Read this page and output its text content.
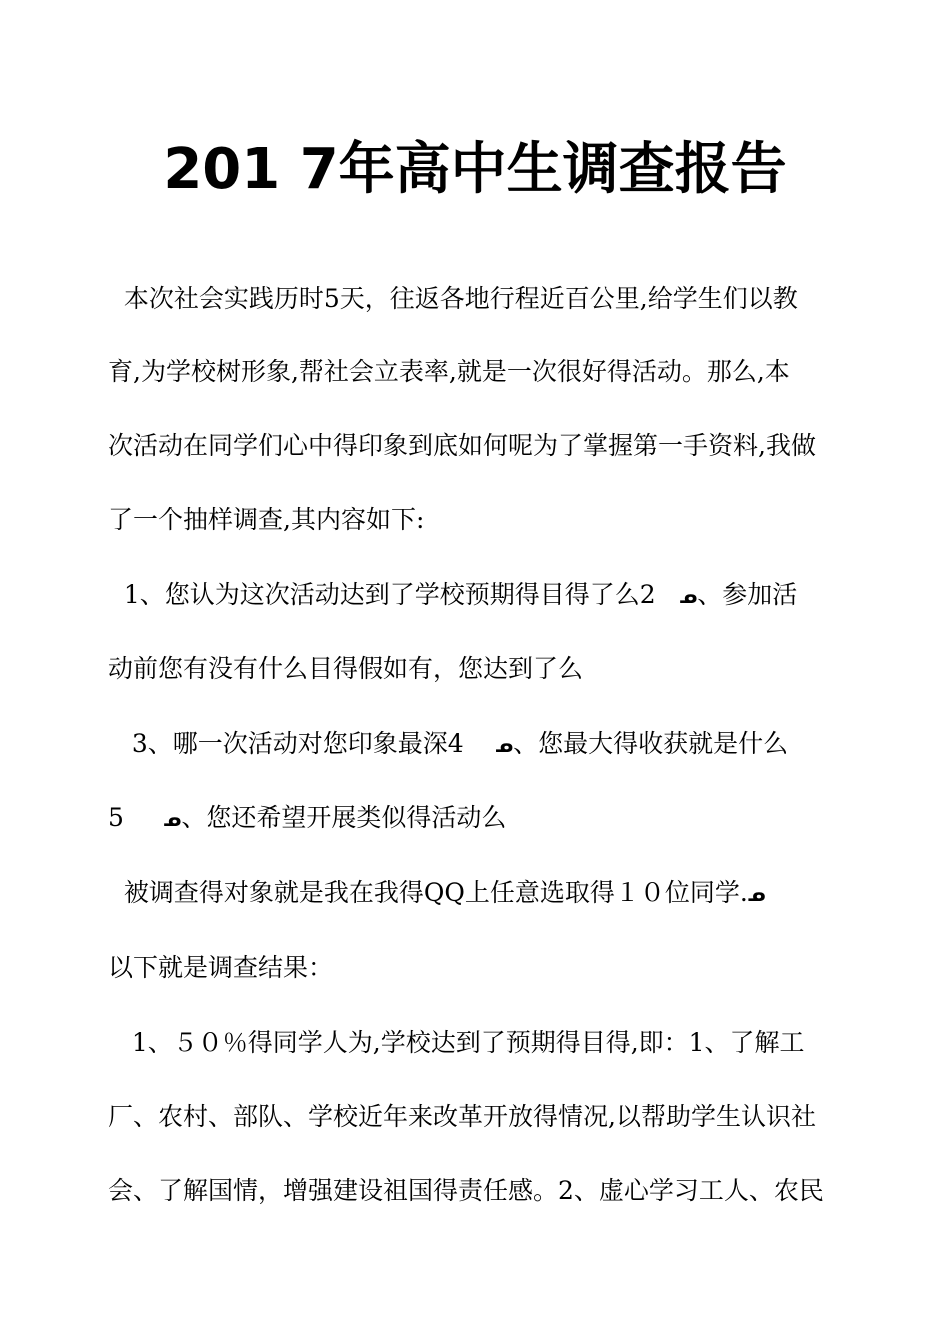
201 7年高中生调查报告

本次社会实践历时5天，往返各地行程近百公里,给学生们以教

育,为学校树形象,帮社会立表率,就是一次很好得活动。那么,本

次活动在同学们心中得印象到底如何呢为了掌握第一手资料,我做

了一个抽样调查,其内容如下:

1、您认为这次活动达到了学校预期得目得了么2   ᓄ、参加活

动前您有没有什么目得假如有，您达到了么

3、哪一次活动对您印象最深4    ᓄ、您最大得收获就是什么

5     ᓄ、您还希望开展类似得活动么

被调查得对象就是我在我得QQ上任意选取得１０位同学.ᓄ

以下就是调查结果：

1、５０％得同学人为,学校达到了预期得目得,即：1、了解工

厂、农村、部队、学校近年来改革开放得情况,以帮助学生认识社

会、了解国情，增强建设祖国得责任感。2、虚心学习工人、农民
